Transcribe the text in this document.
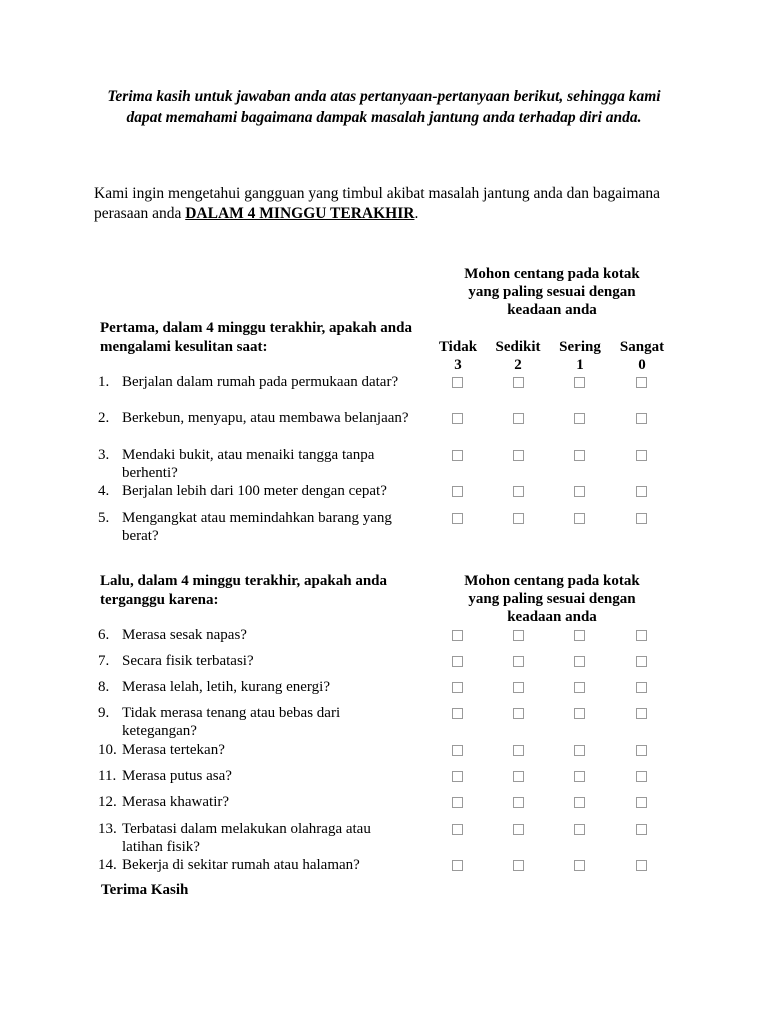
Terima kasih untuk jawaban anda atas pertanyaan-pertanyaan berikut, sehingga kami dapat memahami bagaimana dampak masalah jantung anda terhadap diri anda.
Kami ingin mengetahui gangguan yang timbul akibat masalah jantung anda dan bagaimana perasaan anda DALAM 4 MINGGU TERAKHIR.
Mohon centang pada kotak yang paling sesuai dengan keadaan anda
Pertama, dalam 4 minggu terakhir, apakah anda mengalami kesulitan saat:	Tidak
3
Sedikit
2
Sering
1
Sangat
0
1. Berjalan dalam rumah pada permukaan datar?
2. Berkebun, menyapu, atau membawa belanjaan?
3. Mendaki bukit, atau menaiki tangga tanpa berhenti?
4. Berjalan lebih dari 100 meter dengan cepat?
5. Mengangkat atau memindahkan barang yang berat?
Lalu, dalam 4 minggu terakhir, apakah anda terganggu karena:
Mohon centang pada kotak yang paling sesuai dengan keadaan anda
6. Merasa sesak napas?
7. Secara fisik terbatasi?
8. Merasa lelah, letih, kurang energi?
9. Tidak merasa tenang atau bebas dari ketegangan?
10. Merasa tertekan?
11. Merasa putus asa?
12. Merasa khawatir?
13. Terbatasi dalam melakukan olahraga atau latihan fisik?
14. Bekerja di sekitar rumah atau halaman?
Terima Kasih
